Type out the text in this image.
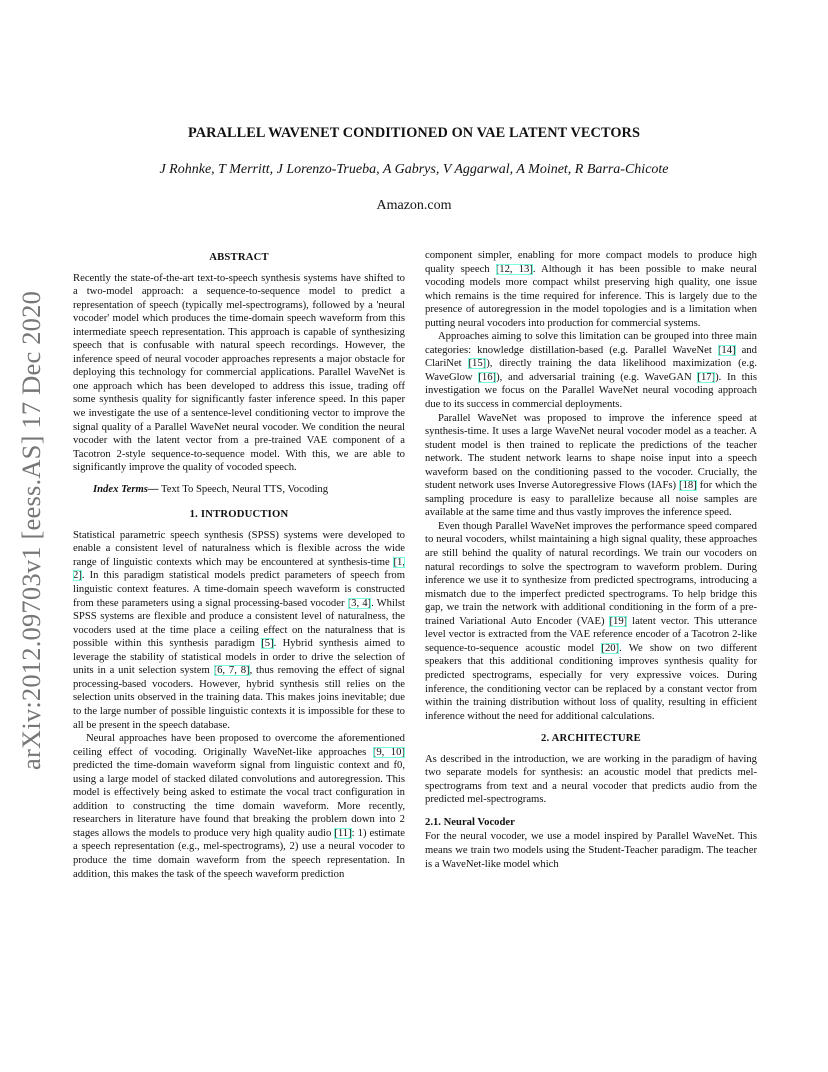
arXiv:2012.09703v1 [eess.AS] 17 Dec 2020
PARALLEL WAVENET CONDITIONED ON VAE LATENT VECTORS

J Rohnke, T Merritt, J Lorenzo-Trueba, A Gabrys, V Aggarwal, A Moinet, R Barra-Chicote

Amazon.com

ABSTRACT

Recently the state-of-the-art text-to-speech synthesis systems have shifted to a two-model approach: a sequence-to-sequence model to predict a representation of speech (typically mel-spectrograms), followed by a 'neural vocoder' model which produces the time-domain speech waveform from this intermediate speech representation. This approach is capable of synthesizing speech that is confusable with natural speech recordings. However, the inference speed of neural vocoder approaches represents a major obstacle for deploying this technology for commercial applications. Parallel WaveNet is one approach which has been developed to address this issue, trading off some synthesis quality for significantly faster inference speed. In this paper we investigate the use of a sentence-level conditioning vector to improve the signal quality of a Parallel WaveNet neural vocoder. We condition the neural vocoder with the latent vector from a pre-trained VAE component of a Tacotron 2-style sequence-to-sequence model. With this, we are able to significantly improve the quality of vocoded speech.

Index Terms— Text To Speech, Neural TTS, Vocoding

1. INTRODUCTION

Statistical parametric speech synthesis (SPSS) systems were developed to enable a consistent level of naturalness which is flexible across the wide range of linguistic contexts which may be encountered at synthesis-time [1, 2]. In this paradigm statistical models predict parameters of speech from linguistic context features. A time-domain speech waveform is constructed from these parameters using a signal processing-based vocoder [3, 4]. Whilst SPSS systems are flexible and produce a consistent level of naturalness, the vocoders used at the time place a ceiling effect on the naturalness that is possible within this synthesis paradigm [5]. Hybrid synthesis aimed to leverage the stability of statistical models in order to drive the selection of units in a unit selection system [6, 7, 8], thus removing the effect of signal processing-based vocoders. However, hybrid synthesis still relies on the selection units observed in the training data. This makes joins inevitable; due to the large number of possible linguistic contexts it is impossible for these to all be present in the speech database.

Neural approaches have been proposed to overcome the aforementioned ceiling effect of vocoding. Originally WaveNet-like approaches [9, 10] predicted the time-domain waveform signal from linguistic context and f0, using a large model of stacked dilated convolutions and autoregression. This model is effectively being asked to estimate the vocal tract configuration in addition to constructing the time domain waveform. More recently, researchers in literature have found that breaking the problem down into 2 stages allows the models to produce very high quality audio [11]: 1) estimate a speech representation (e.g., mel-spectrograms), 2) use a neural vocoder to produce the time domain waveform from the speech representation. In addition, this makes the task of the speech waveform prediction

component simpler, enabling for more compact models to produce high quality speech [12, 13]. Although it has been possible to make neural vocoding models more compact whilst preserving high quality, one issue which remains is the time required for inference. This is largely due to the presence of autoregression in the model topologies and is a limitation when putting neural vocoders into production for commercial systems.

Approaches aiming to solve this limitation can be grouped into three main categories: knowledge distillation-based (e.g. Parallel WaveNet [14] and ClariNet [15]), directly training the data likelihood maximization (e.g. WaveGlow [16]), and adversarial training (e.g. WaveGAN [17]). In this investigation we focus on the Parallel WaveNet neural vocoding approach due to its success in commercial deployments.

Parallel WaveNet was proposed to improve the inference speed at synthesis-time. It uses a large WaveNet neural vocoder model as a teacher. A student model is then trained to replicate the predictions of the teacher network. The student network learns to shape noise input into a speech waveform based on the conditioning passed to the vocoder. Crucially, the student network uses Inverse Autoregressive Flows (IAFs) [18] for which the sampling procedure is easy to parallelize because all noise samples are available at the same time and thus vastly improves the inference speed.

Even though Parallel WaveNet improves the performance speed compared to neural vocoders, whilst maintaining a high signal quality, these approaches are still behind the quality of natural recordings. We train our vocoders on natural recordings to solve the spectrogram to waveform problem. During inference we use it to synthesize from predicted spectrograms, introducing a mismatch due to the imperfect predicted spectrograms. To help bridge this gap, we train the network with additional conditioning in the form of a pre-trained Variational Auto Encoder (VAE) [19] latent vector. This utterance level vector is extracted from the VAE reference encoder of a Tacotron 2-like sequence-to-sequence acoustic model [20]. We show on two different speakers that this additional conditioning improves synthesis quality for predicted spectrograms, especially for very expressive voices. During inference, the conditioning vector can be replaced by a constant vector from within the training distribution without loss of quality, resulting in efficient inference without the need for additional calculations.

2. ARCHITECTURE

As described in the introduction, we are working in the paradigm of having two separate models for synthesis: an acoustic model that predicts mel-spectrograms from text and a neural vocoder that predicts audio from the predicted mel-spectrograms.

2.1. Neural Vocoder

For the neural vocoder, we use a model inspired by Parallel WaveNet. This means we train two models using the Student-Teacher paradigm. The teacher is a WaveNet-like model which
